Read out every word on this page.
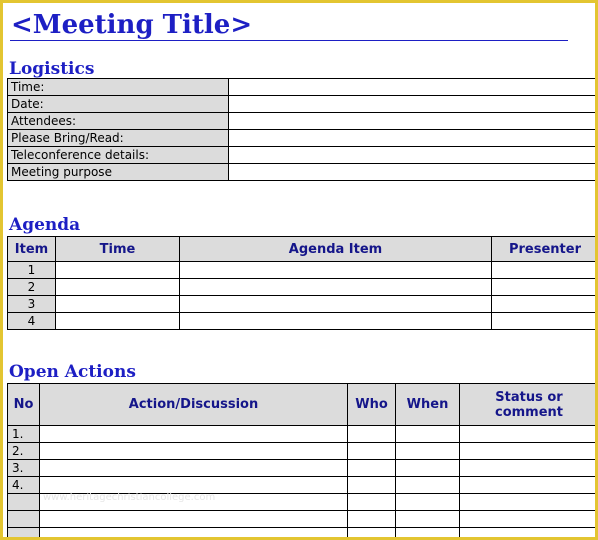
<Meeting Title>
Logistics
Time:	
Date:	
Attendees:	
Please Bring/Read:	
Teleconference details:	
Meeting purpose	
Agenda
Item	Time	Agenda Item	Presenter
1			
2			
3			
4			
Open Actions
No	Action/Discussion	Who	When	Status or comment
1.				
2.				
3.				
4.				

www.heritagechristiancollege.com
